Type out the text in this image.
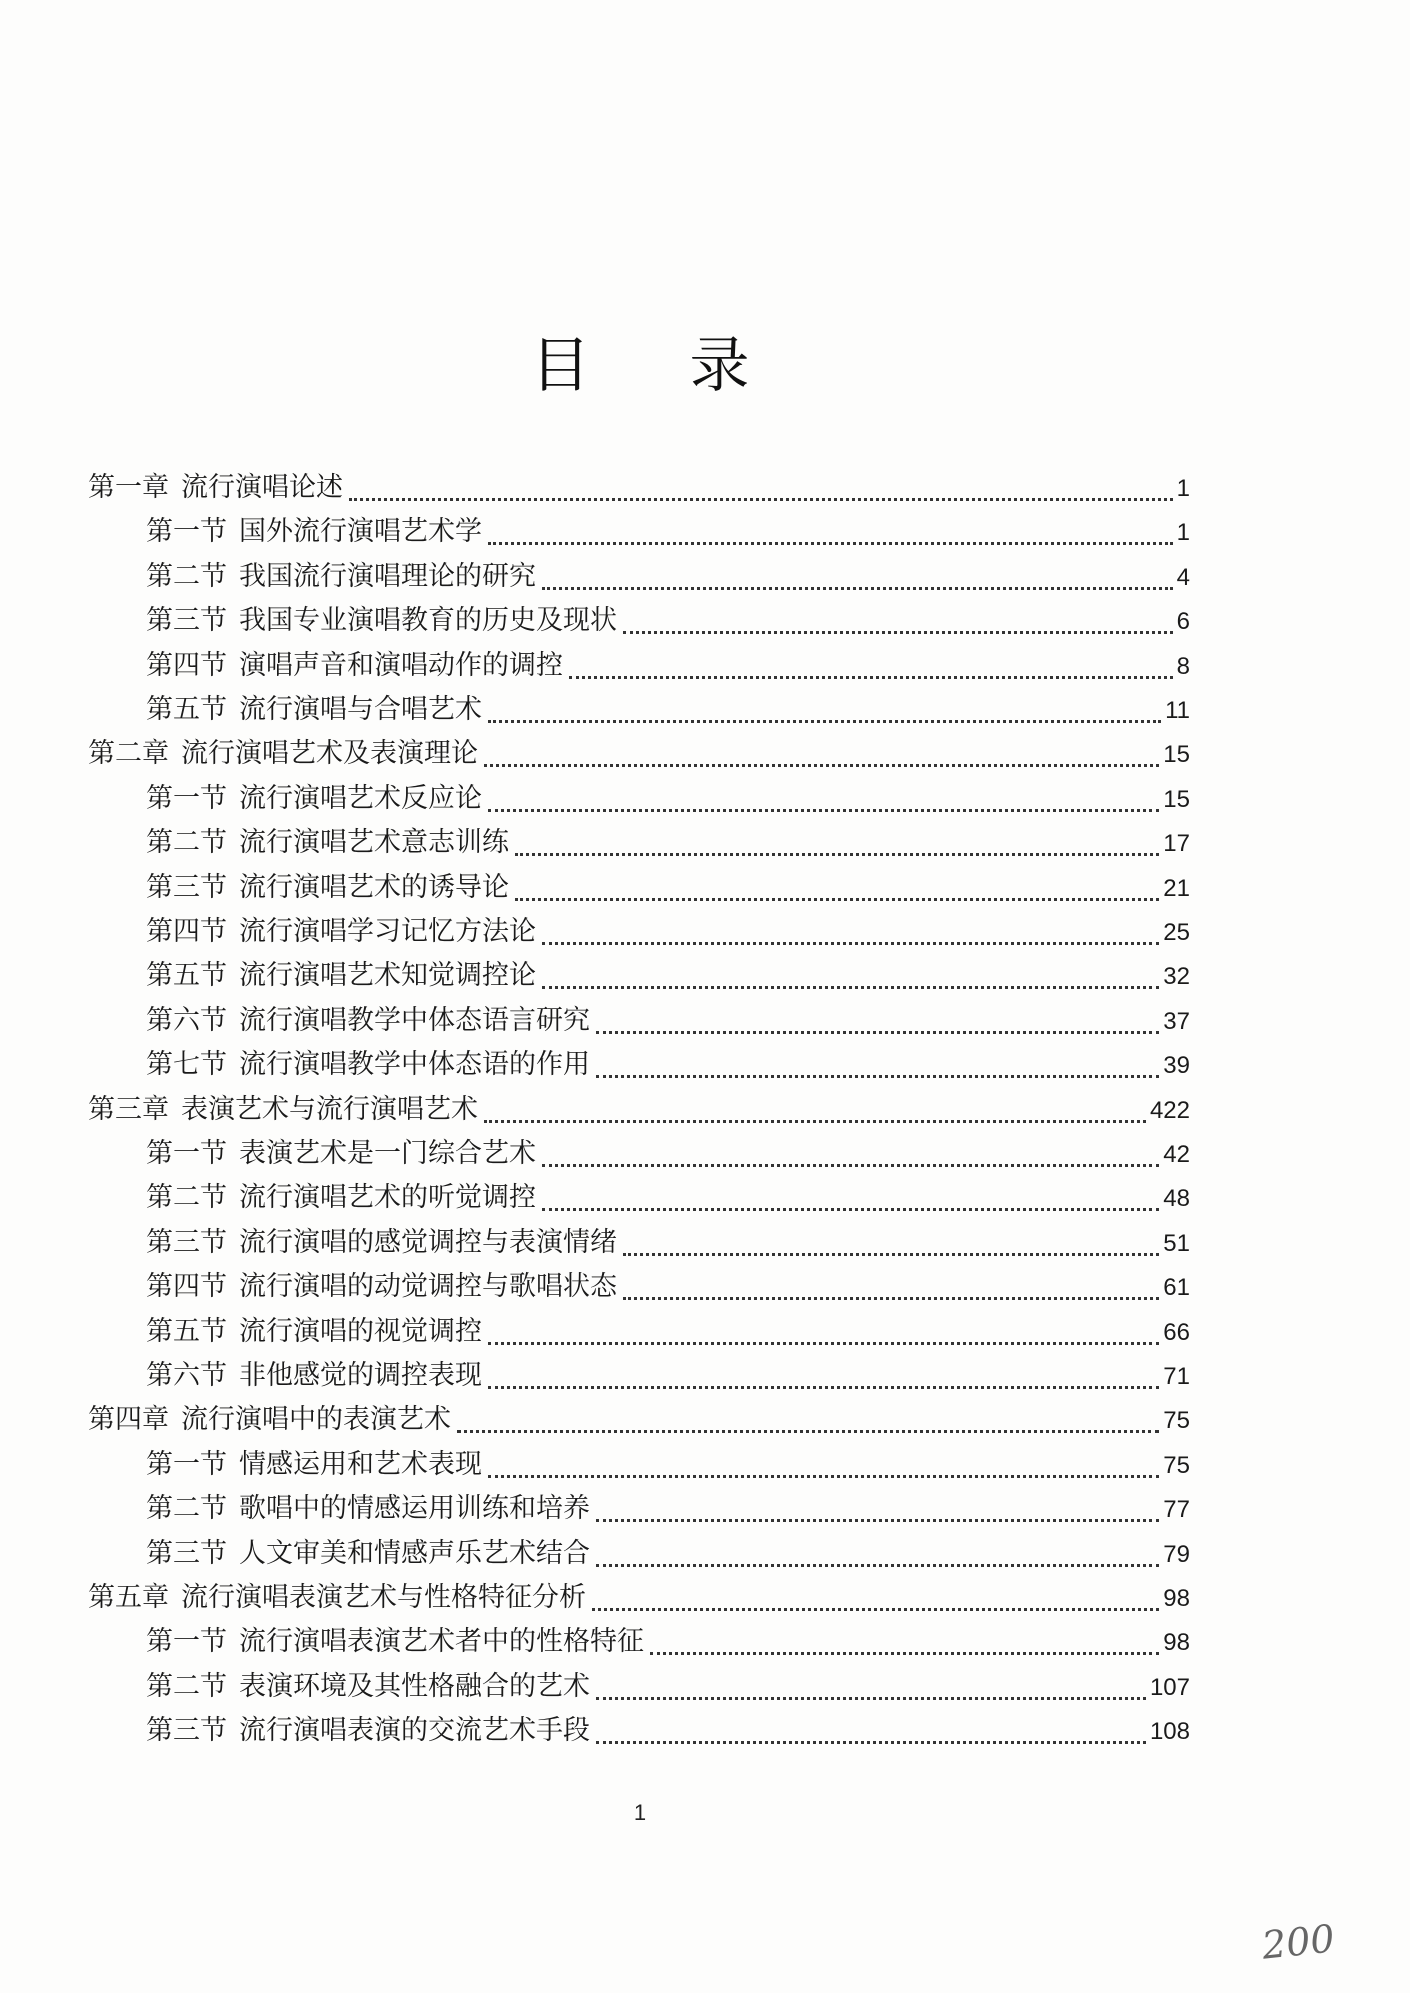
目 录
第一章 流行演唱论述	1
第一节 国外流行演唱艺术学	1
第二节 我国流行演唱理论的研究	4
第三节 我国专业演唱教育的历史及现状	6
第四节 演唱声音和演唱动作的调控	8
第五节 流行演唱与合唱艺术	11
第二章 流行演唱艺术及表演理论	15
第一节 流行演唱艺术反应论	15
第二节 流行演唱艺术意志训练	17
第三节 流行演唱艺术的诱导论	21
第四节 流行演唱学习记忆方法论	25
第五节 流行演唱艺术知觉调控论	32
第六节 流行演唱教学中体态语言研究	37
第七节 流行演唱教学中体态语的作用	39
第三章 表演艺术与流行演唱艺术	422
第一节 表演艺术是一门综合艺术	42
第二节 流行演唱艺术的听觉调控	48
第三节 流行演唱的感觉调控与表演情绪	51
第四节 流行演唱的动觉调控与歌唱状态	61
第五节 流行演唱的视觉调控	66
第六节 非他感觉的调控表现	71
第四章 流行演唱中的表演艺术	75
第一节 情感运用和艺术表现	75
第二节 歌唱中的情感运用训练和培养	77
第三节 人文审美和情感声乐艺术结合	79
第五章 流行演唱表演艺术与性格特征分析	98
第一节 流行演唱表演艺术者中的性格特征	98
第二节 表演环境及其性格融合的艺术	107
第三节 流行演唱表演的交流艺术手段	108
1
200
